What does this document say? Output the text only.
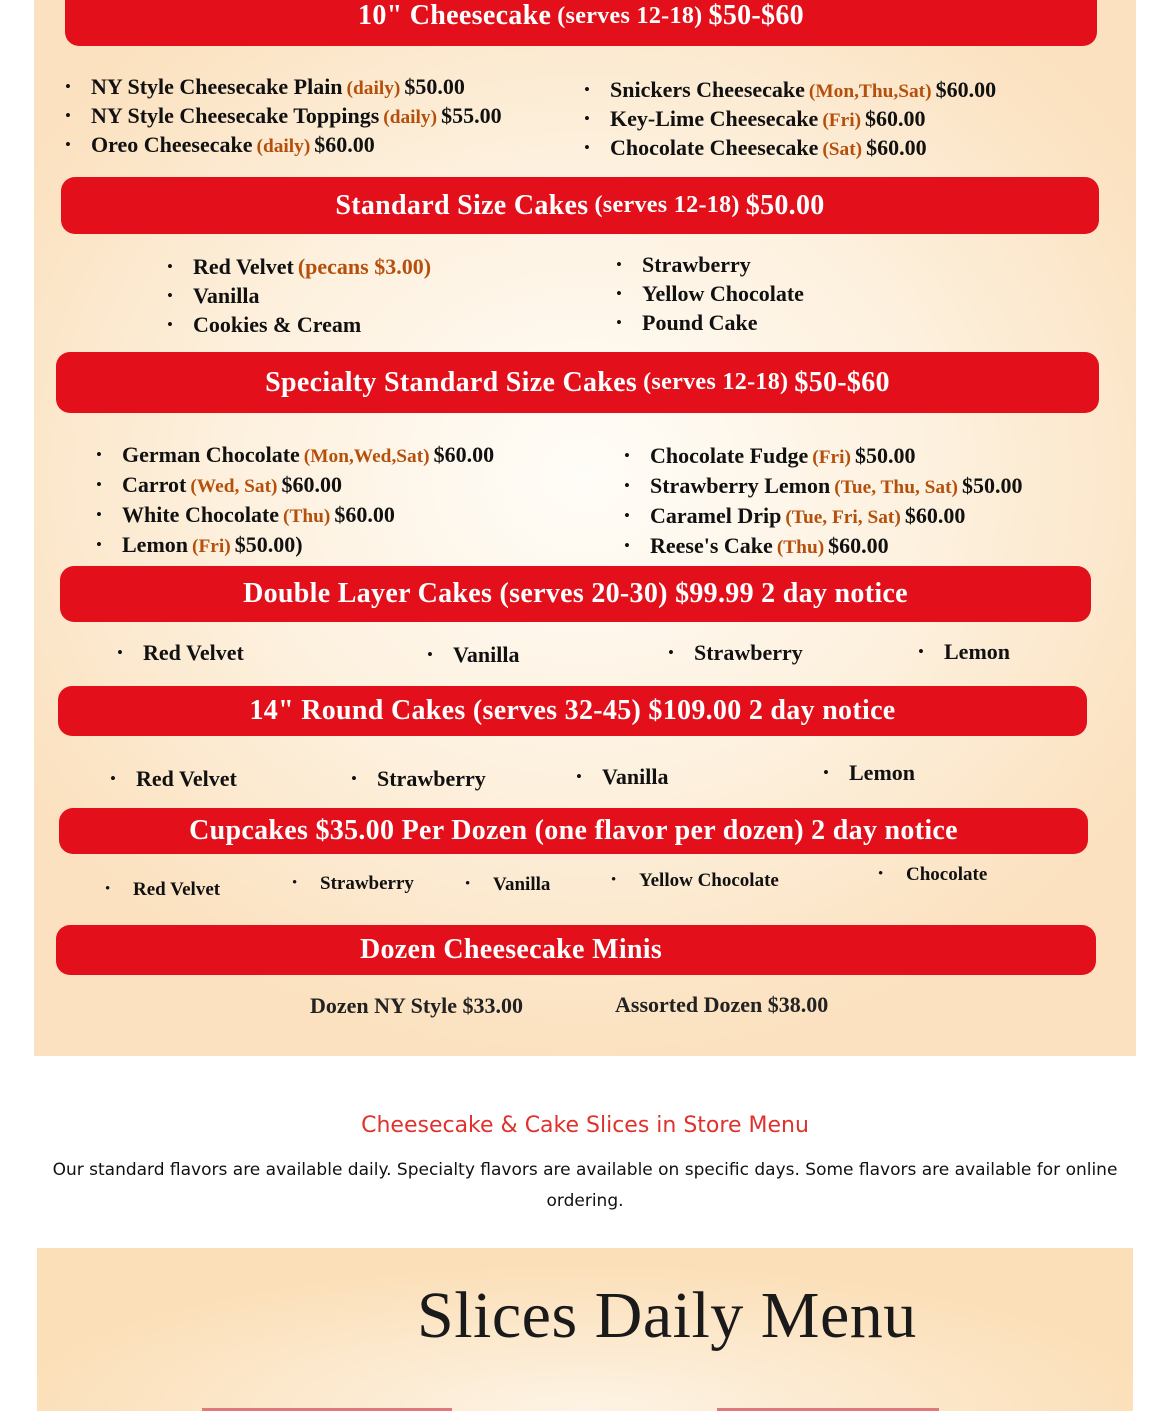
10" Cheesecake (serves 12-18) $50-$60
• NY Style Cheesecake Plain (daily) $50.00
• NY Style Cheesecake Toppings (daily) $55.00
• Oreo Cheesecake (daily) $60.00
• Snickers Cheesecake (Mon,Thu,Sat) $60.00
• Key-Lime Cheesecake (Fri) $60.00
• Chocolate Cheesecake (Sat) $60.00
Standard Size Cakes (serves 12-18) $50.00
• Red Velvet (pecans $3.00)
• Vanilla
• Cookies & Cream
• Strawberry
• Yellow Chocolate
• Pound Cake
Specialty Standard Size Cakes (serves 12-18) $50-$60
• German Chocolate (Mon,Wed,Sat) $60.00
• Carrot (Wed, Sat) $60.00
• White Chocolate (Thu) $60.00
• Lemon (Fri) $50.00)
• Chocolate Fudge (Fri) $50.00
• Strawberry Lemon (Tue, Thu, Sat) $50.00
• Caramel Drip (Tue, Fri, Sat) $60.00
• Reese's Cake (Thu) $60.00
Double Layer Cakes (serves 20-30) $99.99 2 day notice
• Red Velvet	• Vanilla	• Strawberry	• Lemon
14" Round Cakes (serves 32-45) $109.00 2 day notice
• Red Velvet	• Strawberry	• Vanilla	• Lemon
Cupcakes $35.00 Per Dozen (one flavor per dozen) 2 day notice
• Red Velvet	• Strawberry	• Vanilla	• Yellow Chocolate	• Chocolate
Dozen Cheesecake Minis
Dozen NY Style $33.00	Assorted Dozen $38.00
Cheesecake & Cake Slices in Store Menu
Our standard flavors are available daily. Specialty flavors are available on specific days. Some flavors are available for online ordering.
Slices Daily Menu
